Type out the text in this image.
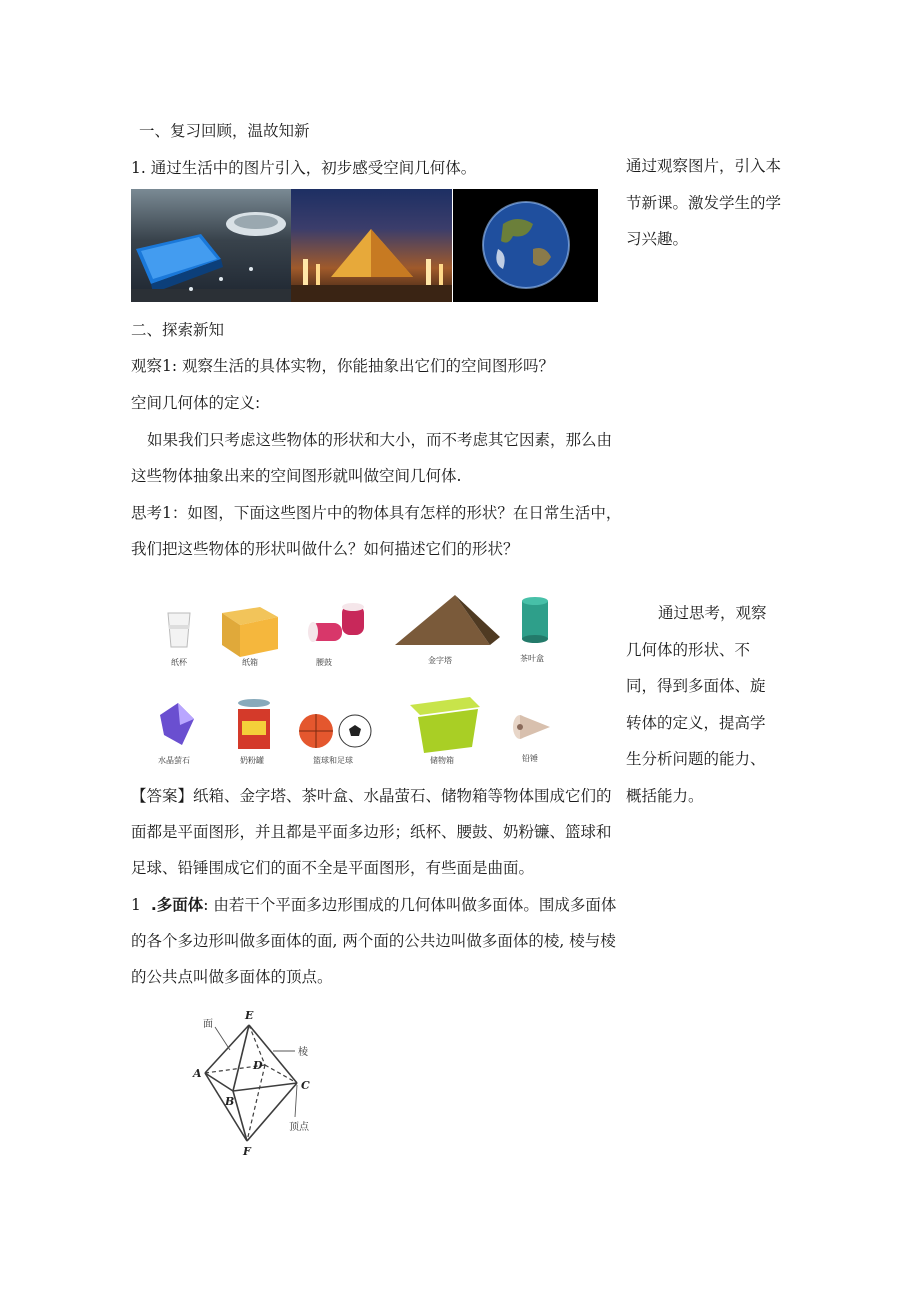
一、复习回顾，温故知新
1. 通过生活中的图片引入，初步感受空间几何体。	通过观察图片，引入本
节新课。激发学生的学
习兴趣。
二、探索新知
观察1: 观察生活的具体实物，你能抽象出它们的空间图形吗？
空间几何体的定义:
如果我们只考虑这些物体的形状和大小，而不考虑其它因素，那么由
这些物体抽象出来的空间图形就叫做空间几何体.
思考1：如图，下面这些图片中的物体具有怎样的形状？在日常生活中，
我们把这些物体的形状叫做什么？如何描述它们的形状？
纸杯	纸箱	腰鼓	金字塔	茶叶盒
水晶萤石	奶粉罐	篮球和足球	储物箱	铅锤
通过思考，观察
几何体的形状、不
同，得到多面体、旋
转体的定义，提高学
生分析问题的能力、
概括能力。
【答案】纸箱、金字塔、茶叶盒、水晶萤石、储物箱等物体围成它们的
面都是平面图形，并且都是平面多边形；纸杯、腰鼓、奶粉镰、篮球和
足球、铅锤围成它们的面不全是平面图形，有些面是曲面。
1 .多面体: 由若干个平面多边形围成的几何体叫做多面体。围成多面体
的各个多边形叫做多面体的面, 两个面的公共边叫做多面体的棱, 棱与棱
的公共点叫做多面体的顶点。
E
A
B
C
D
F
面
棱
顶点
